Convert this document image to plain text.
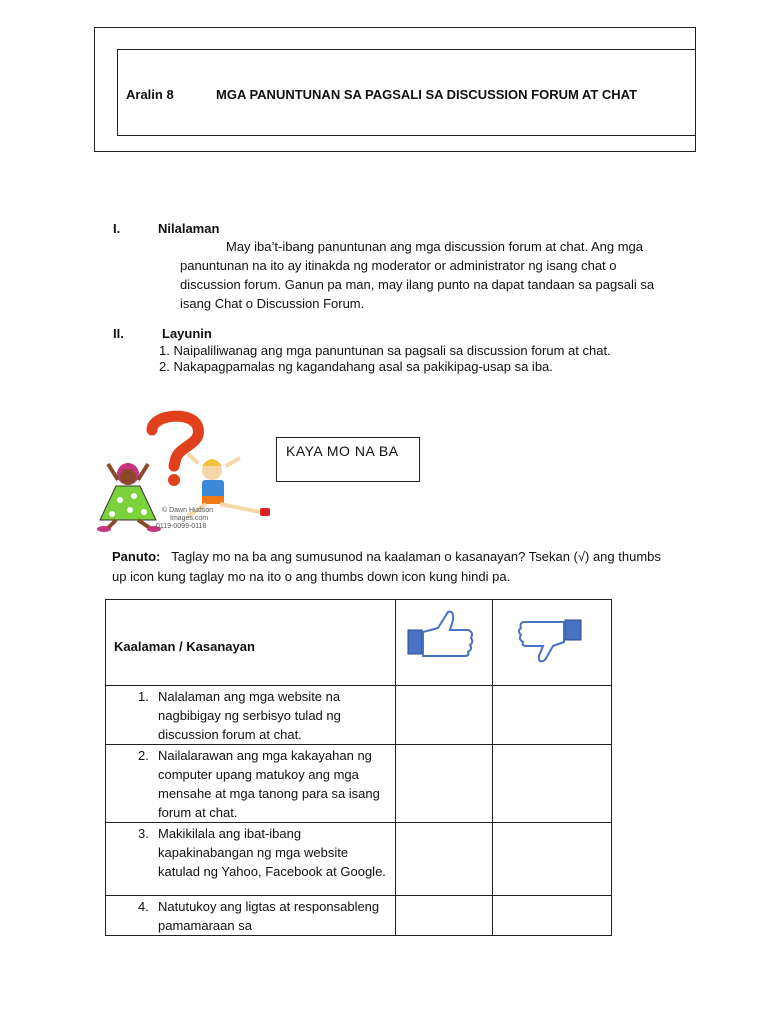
Aralin 8	MGA PANUNTUNAN SA PAGSALI SA DISCUSSION FORUM AT CHAT
I.	Nilalaman
May iba’t-ibang panuntunan ang mga discussion forum at chat. Ang mga panuntunan na ito ay itinakda ng moderator or administrator ng isang chat o discussion forum. Ganun pa man, may ilang punto na dapat tandaan sa pagsali sa isang Chat o Discussion Forum.
II.	Layunin
1. Naipaliliwanag ang mga panuntunan sa pagsali sa discussion forum at chat.
2. Nakapagpamalas ng kagandahang asal sa pakikipag-usap sa iba.
© Dawn Hudson
Images.com
0119-0099-0118
KAYA MO NA BA
Panuto: Taglay mo na ba ang sumusunod na kaalaman o kasanayan? Tsekan (√) ang thumbs up icon kung taglay mo na ito o ang thumbs down icon kung hindi pa.
Kaalaman / Kasanayan

1. Nalalaman ang mga website na nagbibigay ng serbisyo tulad ng discussion forum at chat.		

2. Nailalarawan ang mga kakayahan ng computer upang matukoy ang mga mensahe at mga tanong para sa isang forum at chat.		

3. Makikilala ang ibat-ibang kapakinabangan ng mga website katulad ng Yahoo, Facebook at Google.		

4. Natutukoy ang ligtas at responsableng pamamaraan sa		
